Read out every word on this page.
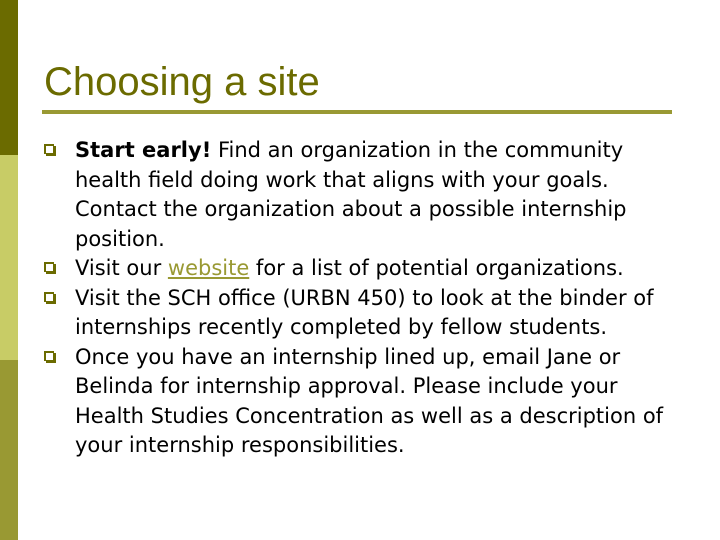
Choosing a site
Start early! Find an organization in the community health field doing work that aligns with your goals. Contact the organization about a possible internship position.
Visit our website for a list of potential organizations.
Visit the SCH office (URBN 450) to look at the binder of internships recently completed by fellow students.
Once you have an internship lined up, email Jane or Belinda for internship approval. Please include your Health Studies Concentration as well as a description of your internship responsibilities.
